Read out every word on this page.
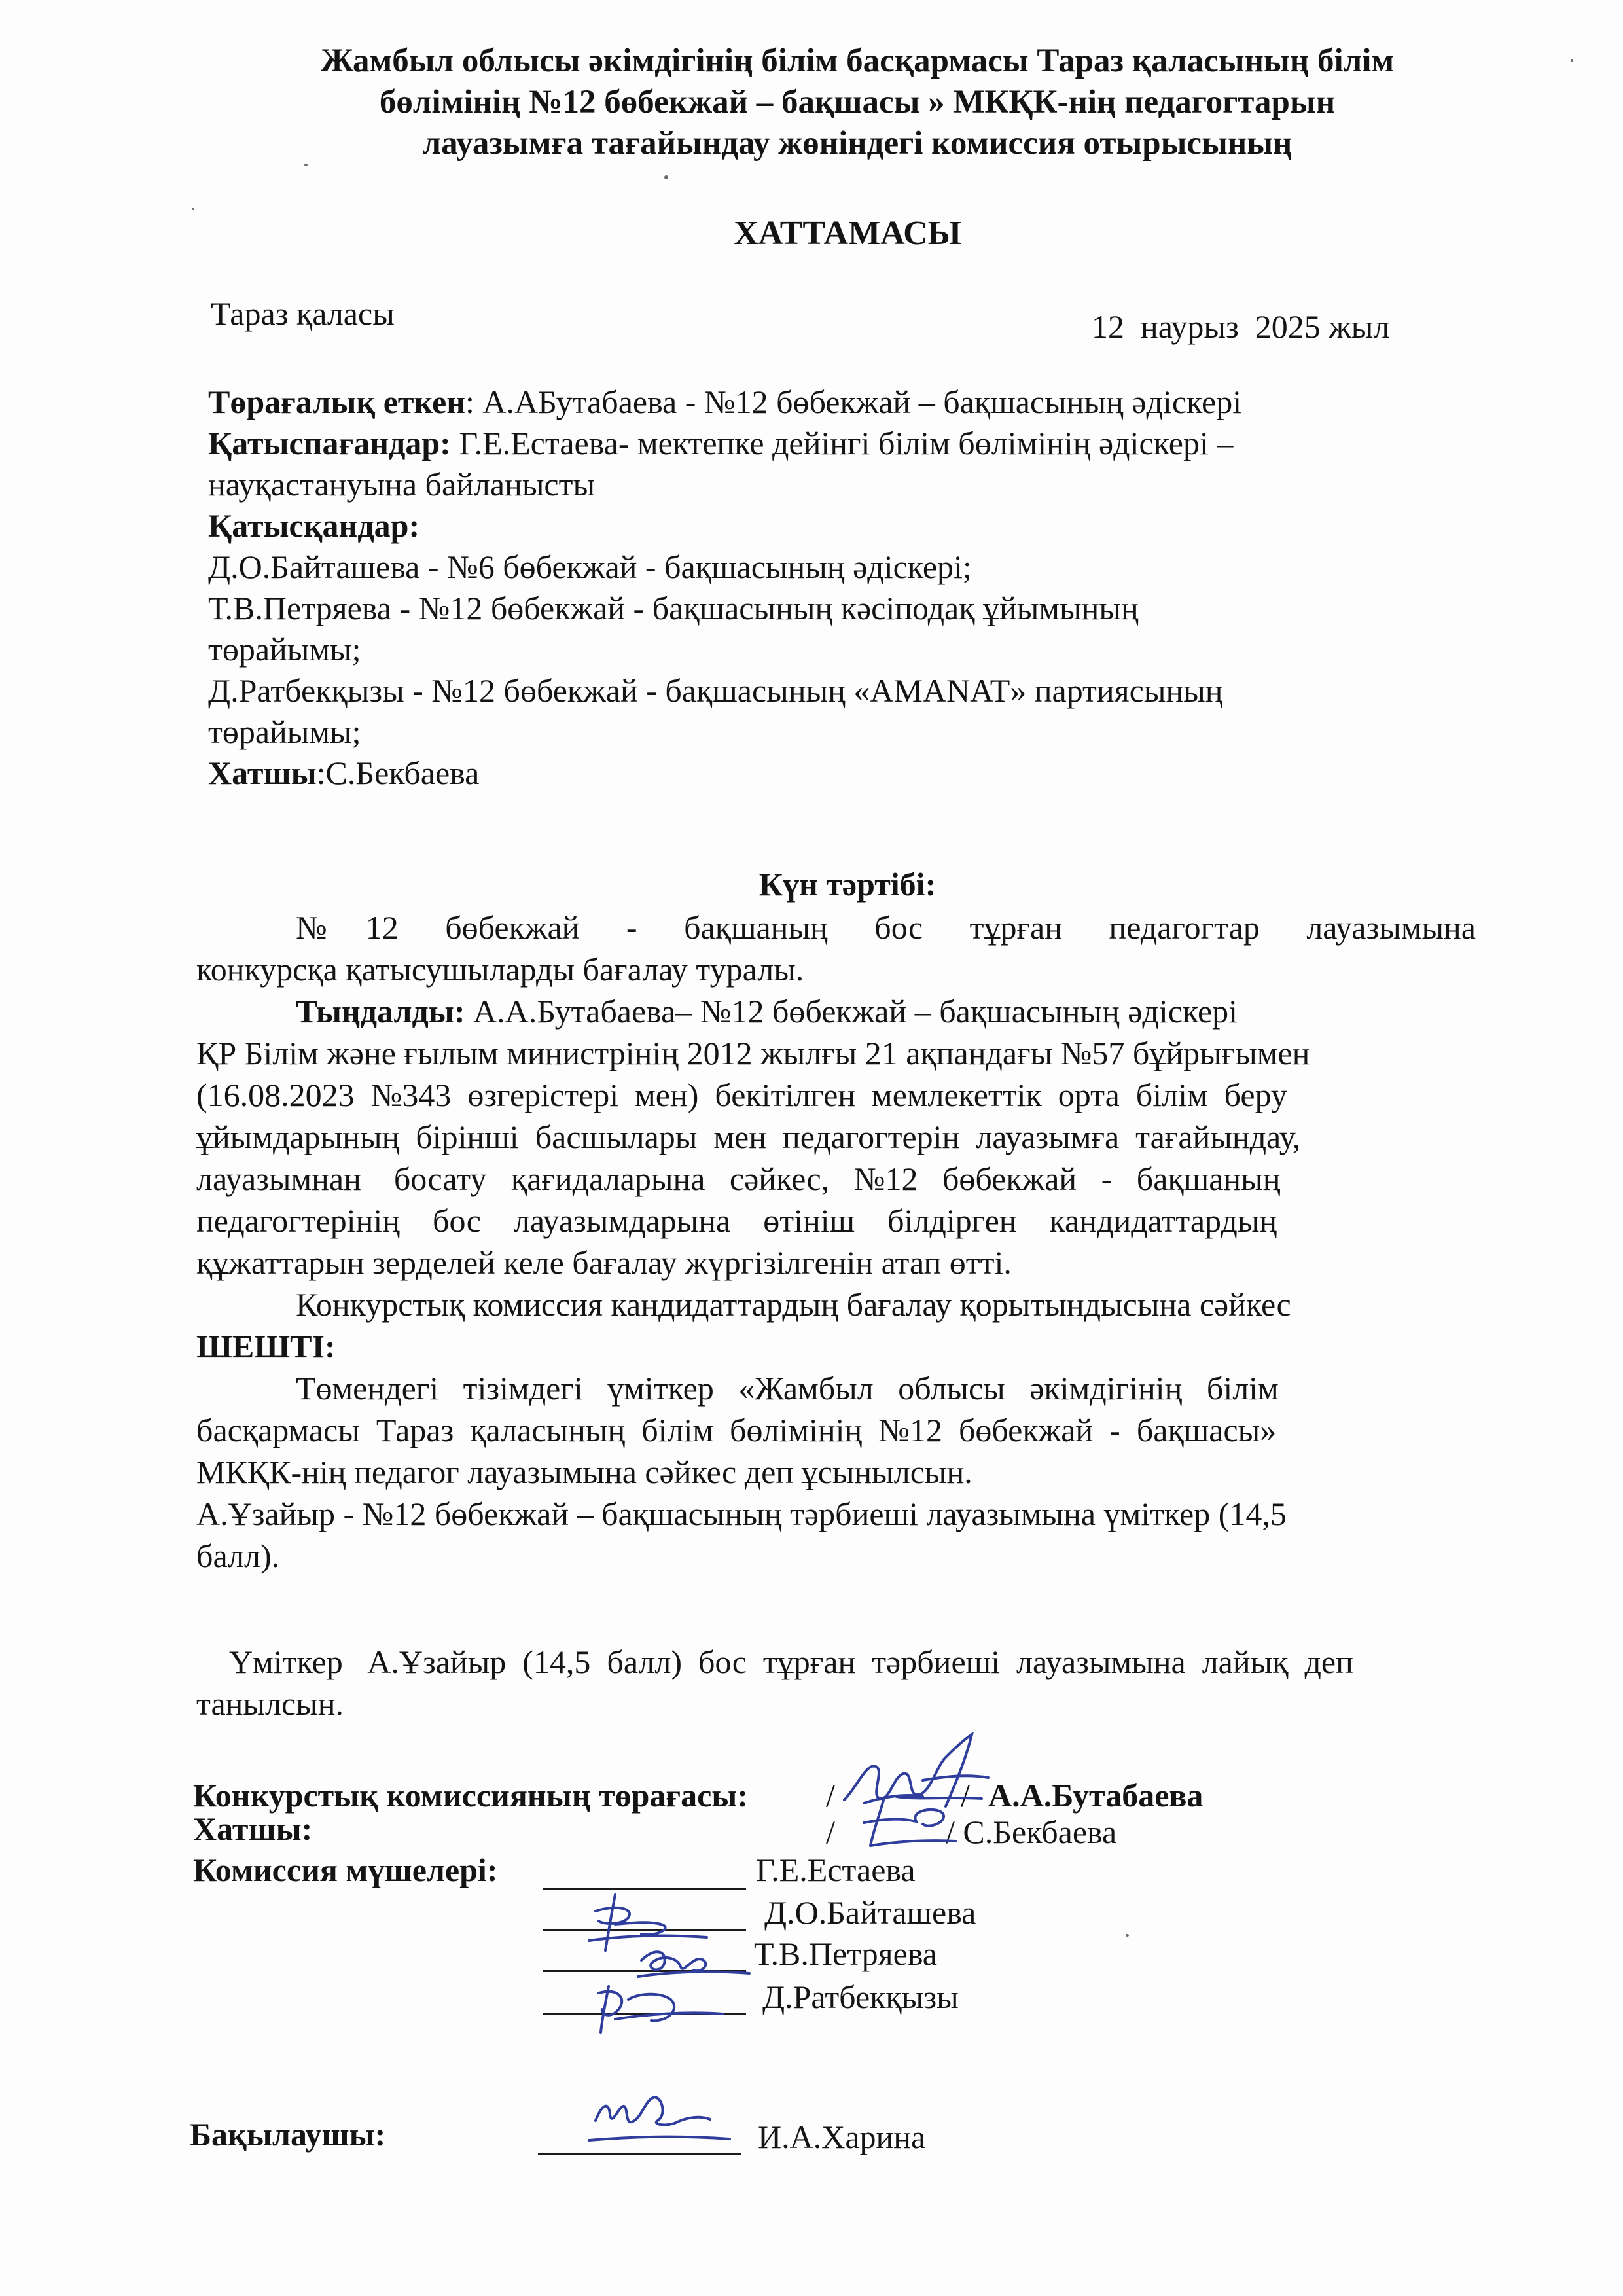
Жамбыл облысы әкімдігінің білім басқармасы Тараз қаласының білім
бөлімінің №12 бөбекжай – бақшасы » МКҚК-нің педагогтарын
лауазымға тағайындау жөніндегі комиссия отырысының
ХАТТАМАСЫ
Тараз қаласы	12  наурыз  2025 жыл
Төрағалық еткен: А.АБутабаева - №12 бөбекжай – бақшасының әдіскері
Қатыспағандар: Г.Е.Естаева- мектепке дейінгі білім бөлімінің әдіскері –
науқастануына байланысты
Қатысқандар:
Д.О.Байташева - №6 бөбекжай - бақшасының әдіскері;
Т.В.Петряева - №12 бөбекжай - бақшасының кәсіподақ ұйымының
төрайымы;
Д.Ратбекқызы - №12 бөбекжай - бақшасының «AMANAT» партиясының
төрайымы;
Хатшы:С.Бекбаева
Күн тәртібі:
№12 бөбекжай - бақшаның бос тұрған педагогтар лауазымына
конкурсқа қатысушыларды бағалау туралы.
Тыңдалды: А.А.Бутабаева– №12 бөбекжай – бақшасының әдіскері
ҚР Білім және ғылым министрінің 2012 жылғы 21 ақпандағы №57 бұйрығымен
(16.08.2023  №343  өзгерістері  мен)  бекітілген  мемлекеттік  орта  білім  беру
ұйымдарының  бірінші  басшылары  мен  педагогтерін  лауазымға  тағайындау,
лауазымнан    босату   қағидаларына   сәйкес,   №12   бөбекжай   -   бақшаның
педагогтерінің    бос    лауазымдарына    өтініш    білдірген    кандидаттардың
құжаттарын зерделей келе бағалау жүргізілгенін атап өтті.
Конкурстық комиссия кандидаттардың бағалау қорытындысына сәйкес
ШЕШТІ:
Төмендегі   тізімдегі   үміткер   «Жамбыл   облысы   әкімдігінің   білім
басқармасы  Тараз  қаласының  білім  бөлімінің  №12  бөбекжай  -  бақшасы»
МКҚК-нің педагог лауазымына сәйкес деп ұсынылсын.
А.Ұзайыр - №12 бөбекжай – бақшасының тәрбиеші лауазымына үміткер (14,5
балл).
Үміткер   А.Ұзайыр  (14,5  балл)  бос  тұрған  тәрбиеші  лауазымына  лайық  деп
танылсын.
Конкурстық комиссияның төрағасы: /	/ А.А.Бутабаева
Хатшы:	/	/ С.Бекбаева
Комиссия мүшелері:	Г.Е.Естаева
Д.О.Байташева
Т.В.Петряева
Д.Ратбекқызы
Бақылаушы:	И.А.Харина
